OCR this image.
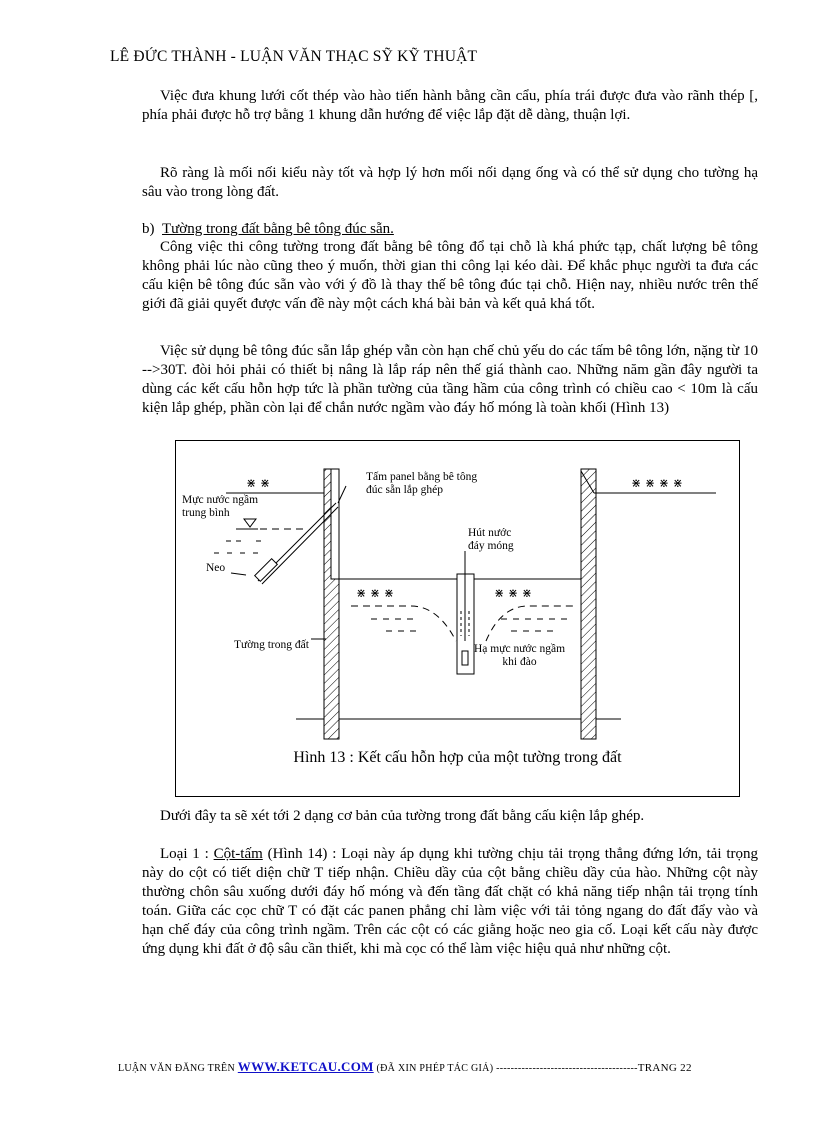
LÊ ĐỨC THÀNH - LUẬN VĂN THẠC SỸ KỸ THUẬT
Việc đưa khung lưới cốt thép vào hào tiến hành bằng cần cẩu, phía trái được đưa vào rãnh thép [, phía phải được hỗ trợ bằng 1 khung dẫn hướng để việc lắp đặt dễ dàng, thuận lợi.
Rõ ràng là mối nối kiểu này tốt và hợp lý hơn mối nối dạng ống và có thể sử dụng cho tường hạ sâu vào trong lòng đất.
b) Tường trong đất bằng bê tông đúc sẵn.
Công việc thi công tường trong đất bằng bê tông đổ tại chỗ là khá phức tạp, chất lượng bê tông không phải lúc nào cũng theo ý muốn, thời gian thi công lại kéo dài. Để khắc phục người ta đưa các cấu kiện bê tông đúc sẵn vào với ý đồ là thay thế bê tông đúc tại chỗ. Hiện nay, nhiều nước trên thế giới đã giải quyết được vấn đề này một cách khá bài bản và kết quả khá tốt.
Việc sử dụng bê tông đúc sẵn lắp ghép vẫn còn hạn chế chủ yếu do các tấm bê tông lớn, nặng từ 10 -->30T. đòi hỏi phải có thiết bị nâng là lắp ráp nên thế giá thành cao. Những năm gần đây người ta dùng các kết cấu hỗn hợp tức là phần tường của tầng hầm của công trình có chiều cao < 10m là cấu kiện lắp ghép, phần còn lại để chắn nước ngầm vào đáy hố móng là toàn khối (Hình 13)
⋇ ⋇	⋇ ⋇ ⋇ ⋇
⋇ ⋇ ⋇	⋇ ⋇ ⋇
Tấm panel bằng bê tông
đúc sẵn lắp ghép
Mực nước ngầm
trung bình
Hút nước
đáy móng
Neo
Tường trong đất	Hạ mực nước ngầm
khi đào
Hình 13 : Kết cấu hỗn hợp của một tường trong đất
Dưới đây ta sẽ xét tới 2 dạng cơ bản của tường trong đất bằng cấu kiện lắp ghép.
Loại 1 : Cột-tấm (Hình 14) : Loại này áp dụng khi tường chịu tải trọng thẳng đứng lớn, tải trọng này do cột có tiết diện chữ T tiếp nhận. Chiều dầy của cột bằng chiều dầy của hào. Những cột này thường chôn sâu xuống dưới đáy hố móng và đến tầng đất chặt có khả năng tiếp nhận tải trọng tính toán. Giữa các cọc chữ T có đặt các panen phẳng chỉ làm việc với tải tỏng ngang do đất đẩy vào và hạn chế đáy của công trình ngầm. Trên các cột có các giằng hoặc neo gia cố. Loại kết cấu này được ứng dụng khi đất ở độ sâu cần thiết, khi mà cọc có thể làm việc hiệu quả như những cột.
LUẬN VĂN ĐĂNG TRÊN WWW.KETCAU.COM (ĐÃ XIN PHÉP TÁC GIẢ) ---------------------------------------TRANG 22
